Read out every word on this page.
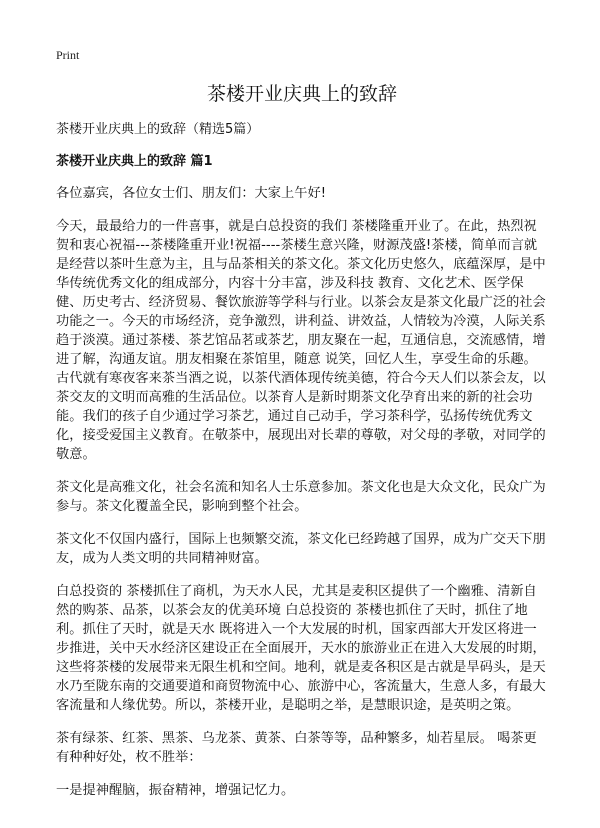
Print
茶楼开业庆典上的致辞
茶楼开业庆典上的致辞（精选5篇）
茶楼开业庆典上的致辞 篇1

各位嘉宾，各位女士们、朋友们：大家上午好!

今天，最最给力的一件喜事，就是白总投资的我们 茶楼隆重开业了。在此，热烈祝贺和衷心祝福---茶楼隆重开业!祝福----茶楼生意兴隆，财源茂盛!茶楼，简单而言就是经营以茶叶生意为主，且与品茶相关的茶文化。茶文化历史悠久，底蕴深厚，是中华传统优秀文化的组成部分，内容十分丰富，涉及科技 教育、文化艺术、医学保健、历史考古、经济贸易、餐饮旅游等学科与行业。以茶会友是茶文化最广泛的社会功能之一。今天的市场经济，竞争激烈，讲利益、讲效益，人情较为冷漠，人际关系趋于淡漠。通过茶楼、茶艺馆品茗或茶艺，朋友聚在一起，互通信息，交流感情，增进了解，沟通友谊。朋友相聚在茶馆里，随意 说笑，回忆人生，享受生命的乐趣。古代就有寒夜客来茶当酒之说，以茶代酒体现传统美德，符合今天人们以茶会友，以茶交友的文明而高雅的生活品位。以茶育人是新时期茶文化孕育出来的新的社会功能。我们的孩子自少通过学习茶艺，通过自己动手，学习茶科学，弘扬传统优秀文化，接受爱国主义教育。在敬茶中，展现出对长辈的尊敬，对父母的孝敬，对同学的敬意。

茶文化是高雅文化，社会名流和知名人士乐意参加。茶文化也是大众文化，民众广为参与。茶文化覆盖全民，影响到整个社会。

茶文化不仅国内盛行，国际上也频繁交流，茶文化已经跨越了国界，成为广交天下朋友，成为人类文明的共同精神财富。

白总投资的 茶楼抓住了商机，为天水人民，尤其是麦积区提供了一个幽雅、清新自然的购茶、品茶，以茶会友的优美环境 白总投资的 茶楼也抓住了天时，抓住了地利。抓住了天时，就是天水 既将进入一个大发展的时机，国家西部大开发区将进一步推进，关中天水经济区建设正在全面展开，天水的旅游业正在进入大发展的时期，这些将茶楼的发展带来无限生机和空间。地利，就是麦各积区是古就是旱码头，是天水乃至陇东南的交通要道和商贸物流中心、旅游中心，客流量大，生意人多，有最大客流量和人缘优势。所以，茶楼开业，是聪明之举，是慧眼识途，是英明之策。

茶有绿茶、红茶、黑茶、乌龙茶、黄茶、白茶等等，品种繁多，灿若星辰。 喝茶更有种种好处，枚不胜举：

一是提神醒脑，振奋精神，增强记忆力。
